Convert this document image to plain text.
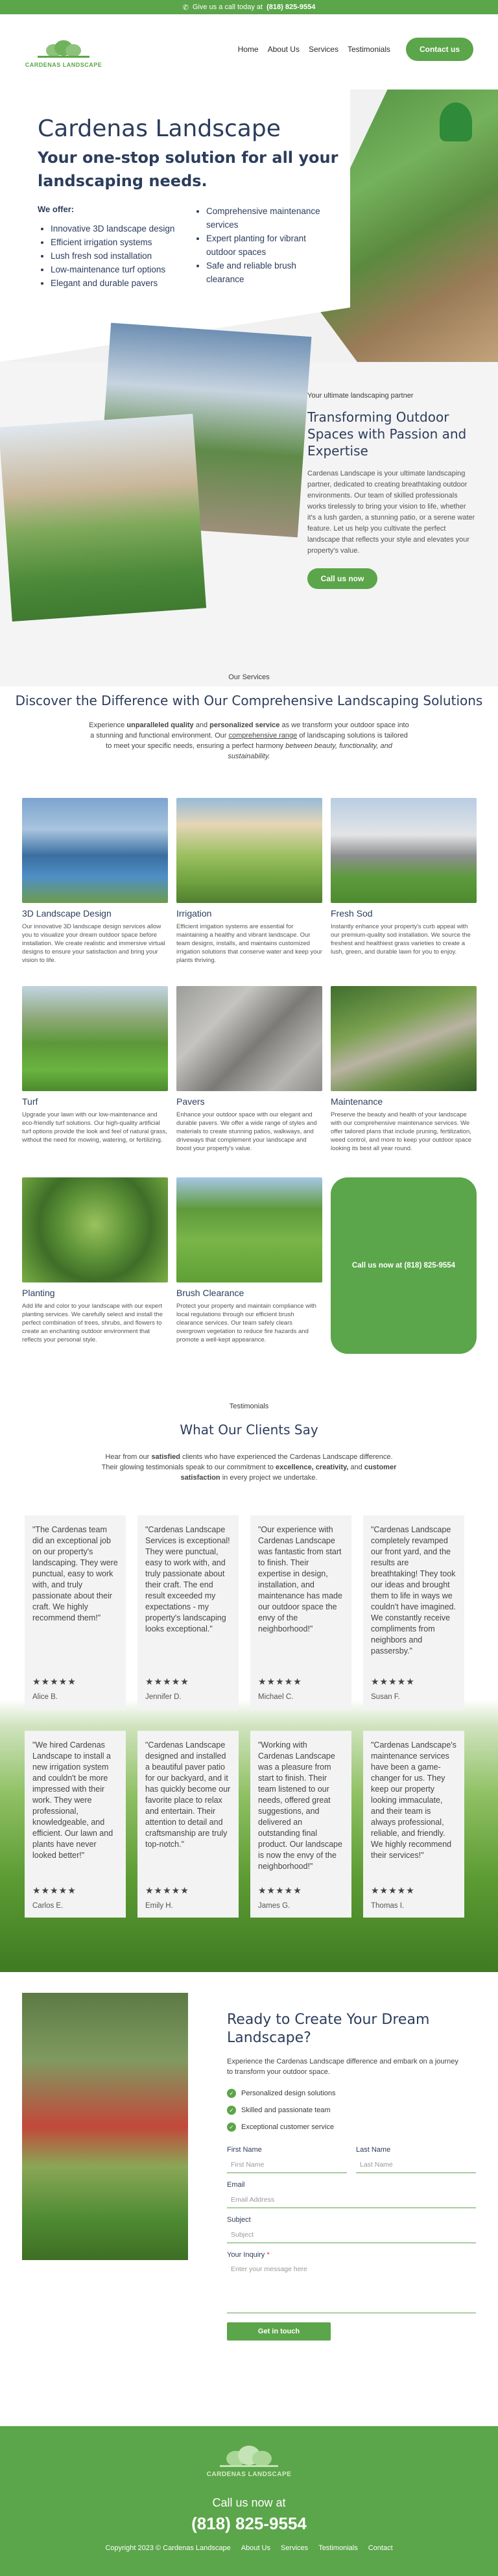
✆ Give us a call today at (818) 825-9554
CARDENAS LANDSCAPE
Home About Us Services Testimonials	Contact us
Cardenas Landscape
Your one-stop solution for all your landscaping needs.
We offer:
• Innovative 3D landscape design
• Efficient irrigation systems
• Lush fresh sod installation
• Low-maintenance turf options
• Elegant and durable pavers
• Comprehensive maintenance services
• Expert planting for vibrant outdoor spaces
• Safe and reliable brush clearance
Your ultimate landscaping partner
Transforming Outdoor Spaces with Passion and Expertise
Cardenas Landscape is your ultimate landscaping partner, dedicated to creating breathtaking outdoor environments. Our team of skilled professionals works tirelessly to bring your vision to life, whether it's a lush garden, a stunning patio, or a serene water feature. Let us help you cultivate the perfect landscape that reflects your style and elevates your property's value.
Call us now
Our Services
Discover the Difference with Our Comprehensive Landscaping Solutions
Experience unparalleled quality and personalized service as we transform your outdoor space into a stunning and functional environment. Our comprehensive range of landscaping solutions is tailored to meet your specific needs, ensuring a perfect harmony between beauty, functionality, and sustainability.
3D Landscape Design
Our innovative 3D landscape design services allow you to visualize your dream outdoor space before installation. We create realistic and immersive virtual designs to ensure your satisfaction and bring your vision to life.
Irrigation
Efficient irrigation systems are essential for maintaining a healthy and vibrant landscape. Our team designs, installs, and maintains customized irrigation solutions that conserve water and keep your plants thriving.
Fresh Sod
Instantly enhance your property's curb appeal with our premium-quality sod installation. We source the freshest and healthiest grass varieties to create a lush, green, and durable lawn for you to enjoy.
Turf
Upgrade your lawn with our low-maintenance and eco-friendly turf solutions. Our high-quality artificial turf options provide the look and feel of natural grass, without the need for mowing, watering, or fertilizing.
Pavers
Enhance your outdoor space with our elegant and durable pavers. We offer a wide range of styles and materials to create stunning patios, walkways, and driveways that complement your landscape and boost your property's value.
Maintenance
Preserve the beauty and health of your landscape with our comprehensive maintenance services. We offer tailored plans that include pruning, fertilization, weed control, and more to keep your outdoor space looking its best all year round.
Planting
Add life and color to your landscape with our expert planting services. We carefully select and install the perfect combination of trees, shrubs, and flowers to create an enchanting outdoor environment that reflects your personal style.
Brush Clearance
Protect your property and maintain compliance with local regulations through our efficient brush clearance services. Our team safely clears overgrown vegetation to reduce fire hazards and promote a well-kept appearance.
Call us now at (818) 825-9554
Testimonials
What Our Clients Say
Hear from our satisfied clients who have experienced the Cardenas Landscape difference. Their glowing testimonials speak to our commitment to excellence, creativity, and customer satisfaction in every project we undertake.
"The Cardenas team did an exceptional job on our property's landscaping. They were punctual, easy to work with, and truly passionate about their craft. We highly recommend them!"
★★★★★
Alice B.
"Cardenas Landscape Services is exceptional! They were punctual, easy to work with, and truly passionate about their craft. The end result exceeded my expectations - my property's landscaping looks exceptional."
★★★★★
Jennifer D.
"Our experience with Cardenas Landscape was fantastic from start to finish. Their expertise in design, installation, and maintenance has made our outdoor space the envy of the neighborhood!"
★★★★★
Michael C.
"Cardenas Landscape completely revamped our front yard, and the results are breathtaking! They took our ideas and brought them to life in ways we couldn't have imagined. We constantly receive compliments from neighbors and passersby."
★★★★★
Susan F.
"We hired Cardenas Landscape to install a new irrigation system and couldn't be more impressed with their work. They were professional, knowledgeable, and efficient. Our lawn and plants have never looked better!"
★★★★★
Carlos E.
"Cardenas Landscape designed and installed a beautiful paver patio for our backyard, and it has quickly become our favorite place to relax and entertain. Their attention to detail and craftsmanship are truly top-notch."
★★★★★
Emily H.
"Working with Cardenas Landscape was a pleasure from start to finish. Their team listened to our needs, offered great suggestions, and delivered an outstanding final product. Our landscape is now the envy of the neighborhood!"
★★★★★
James G.
"Cardenas Landscape's maintenance services have been a game-changer for us. They keep our property looking immaculate, and their team is always professional, reliable, and friendly. We highly recommend their services!"
★★★★★
Thomas I.
Ready to Create Your Dream Landscape?
Experience the Cardenas Landscape difference and embark on a journey to transform your outdoor space.
✓ Personalized design solutions
✓ Skilled and passionate team
✓ Exceptional customer service
First Name
First Name
Last Name
Last Name
Email
Email Address
Subject
Subject
Your Inquiry *
Enter your message here
Get in touch
CARDENAS LANDSCAPE
Call us now at
(818) 825-9554
Copyright 2023 © Cardenas Landscape About Us Services Testimonials Contact
